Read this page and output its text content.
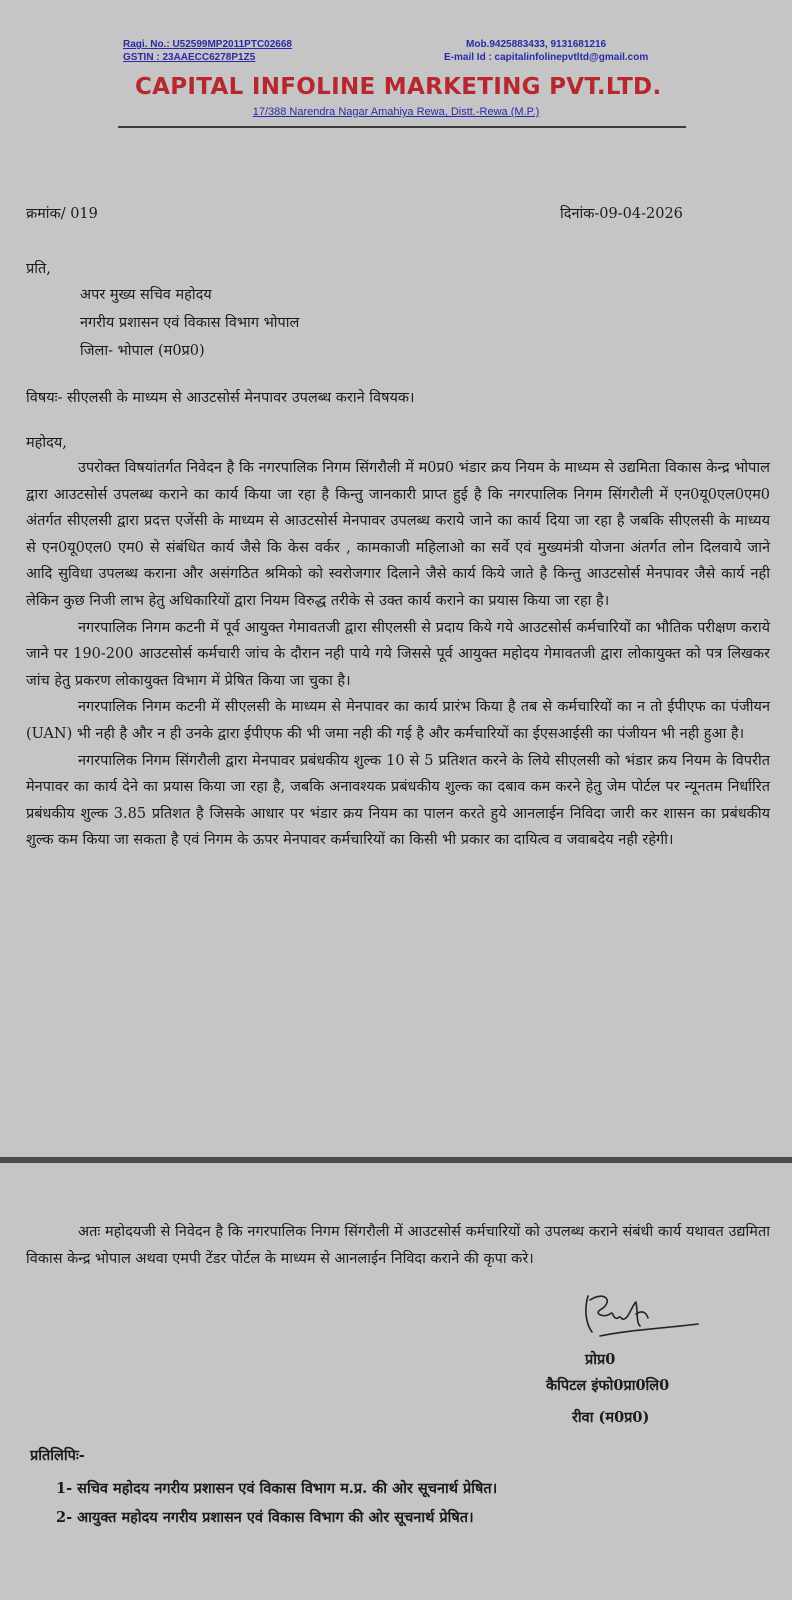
Ragi. No.: U52599MP2011PTC02668
GSTIN : 23AAECC6278P1Z5
Mob.9425883433, 9131681216
E-mail Id : capitalinfolinepvtltd@gmail.com
CAPITAL INFOLINE MARKETING PVT.LTD.
17/388 Narendra Nagar Amahiya Rewa, Distt.-Rewa (M.P.)
क्रमांक/ 019	दिनांक-09-04-2026
प्रति,
अपर मुख्य सचिव महोदय
नगरीय प्रशासन एवं विकास विभाग भोपाल
जिला- भोपाल (म0प्र0)
विषयः- सीएलसी के माध्यम से आउटसोर्स मेनपावर उपलब्ध कराने विषयक।
महोदय,

उपरोक्त विषयांतर्गत निवेदन है कि नगरपालिक निगम सिंगरौली में म0प्र0 भंडार क्रय नियम के माध्यम से उद्यमिता विकास केन्द्र भोपाल द्वारा आउटसोर्स उपलब्ध कराने का कार्य किया जा रहा है किन्तु जानकारी प्राप्त हुई है कि नगरपालिक निगम सिंगरौली में एन0यू0एल0एम0 अंतर्गत सीएलसी द्वारा प्रदत्त एजेंसी के माध्यम से आउटसोर्स मेनपावर उपलब्ध कराये जाने का कार्य दिया जा रहा है जबकि सीएलसी के माध्यय से एन0यू0एल0 एम0 से संबंधित कार्य जैसे कि केस वर्कर , कामकाजी महिलाओ का सर्वे एवं मुख्यमंत्री योजना अंतर्गत लोन दिलवाये जाने आदि सुविधा उपलब्ध कराना और असंगठित श्रमिको को स्वरोजगार दिलाने जैसे कार्य किये जाते है किन्तु आउटसोर्स मेनपावर जैसे कार्य नही लेकिन कुछ निजी लाभ हेतु अधिकारियों द्वारा नियम विरुद्ध तरीके से उक्त कार्य कराने का प्रयास किया जा रहा है।

नगरपालिक निगम कटनी में पूर्व आयुक्त गेमावतजी द्वारा सीएलसी से प्रदाय किये गये आउटसोर्स कर्मचारियों का भौतिक परीक्षण कराये जाने पर 190-200 आउटसोर्स कर्मचारी जांच के दौरान नही पाये गये जिससे पूर्व आयुक्त महोदय गेमावतजी द्वारा लोकायुक्त को पत्र लिखकर जांच हेतु प्रकरण लोकायुक्त विभाग में प्रेषित किया जा चुका है।

नगरपालिक निगम कटनी में सीएलसी के माध्यम से मेनपावर का कार्य प्रारंभ किया है तब से कर्मचारियों का न तो ईपीएफ का पंजीयन (UAN) भी नही है और न ही उनके द्वारा ईपीएफ की भी जमा नही की गई है और कर्मचारियों का ईएसआईसी का पंजीयन भी नही हुआ है।

नगरपालिक निगम सिंगरौली द्वारा मेनपावर प्रबंधकीय शुल्क 10 से 5 प्रतिशत करने के लिये सीएलसी को भंडार क्रय नियम के विपरीत मेनपावर का कार्य देने का प्रयास किया जा रहा है, जबकि अनावश्यक प्रबंधकीय शुल्क का दबाव कम करने हेतु जेम पोर्टल पर न्यूनतम निर्धारित प्रबंधकीय शुल्क 3.85 प्रतिशत है जिसके आधार पर भंडार क्रय नियम का पालन करते हुये आनलाईन निविदा जारी कर शासन का प्रबंधकीय शुल्क कम किया जा सकता है एवं निगम के ऊपर मेनपावर कर्मचारियों का किसी भी प्रकार का दायित्व व जवाबदेय नही रहेगी।

अतः महोदयजी से निवेदन है कि नगरपालिक निगम सिंगरौली में आउटसोर्स कर्मचारियों को उपलब्ध कराने संबंधी कार्य यथावत उद्यमिता विकास केन्द्र भोपाल अथवा एमपी टेंडर पोर्टल के माध्यम से आनलाईन निविदा कराने की कृपा करे।

प्रोप्र0
कैपिटल इंफो0प्रा0लि0
रीवा (म0प्र0)
प्रतिलिपिः-
1- सचिव महोदय नगरीय प्रशासन एवं विकास विभाग म.प्र. की ओर सूचनार्थ प्रेषित।
2- आयुक्त महोदय नगरीय प्रशासन एवं विकास विभाग की ओर सूचनार्थ प्रेषित।
